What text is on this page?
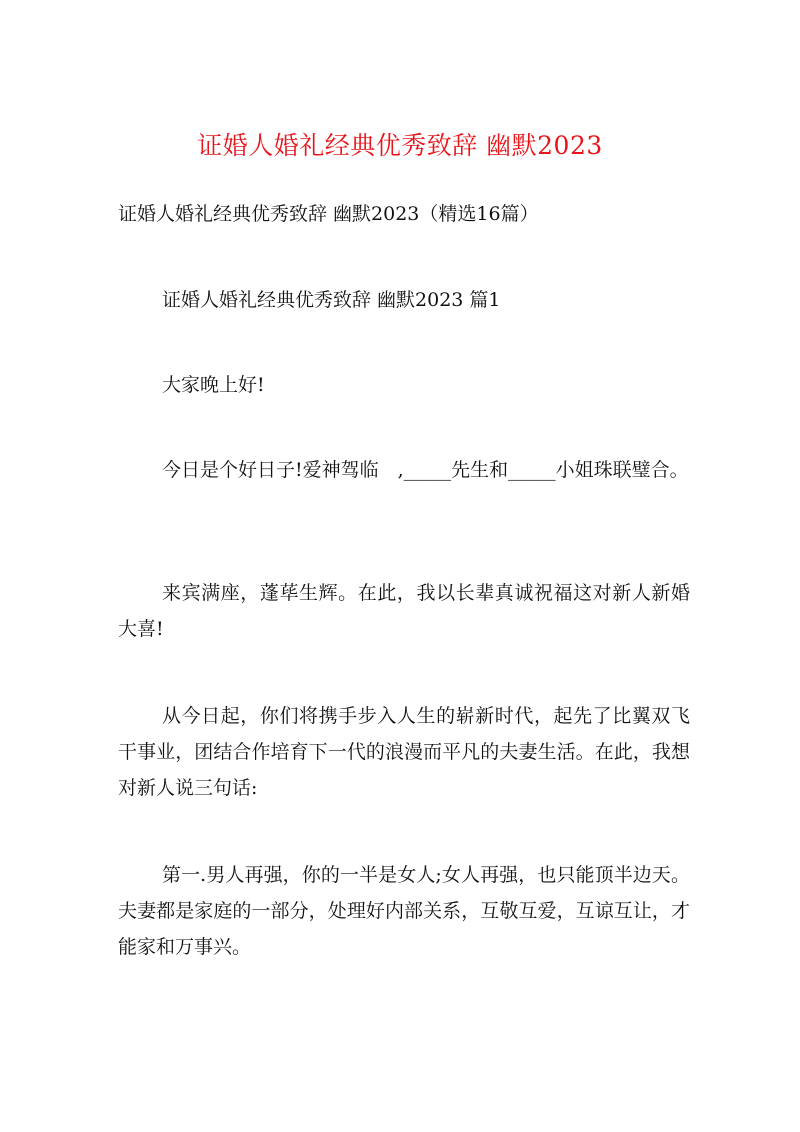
证婚人婚礼经典优秀致辞 幽默2023

证婚人婚礼经典优秀致辞 幽默2023（精选16篇）

证婚人婚礼经典优秀致辞 幽默2023 篇1

大家晚上好!

今日是个好日子!爱神驾临　,_____先生和_____小姐珠联璧合。

来宾满座，蓬荜生辉。在此，我以长辈真诚祝福这对新人新婚大喜!

从今日起，你们将携手步入人生的崭新时代，起先了比翼双飞干事业，团结合作培育下一代的浪漫而平凡的夫妻生活。在此，我想对新人说三句话:

第一.男人再强，你的一半是女人;女人再强，也只能顶半边天。夫妻都是家庭的一部分，处理好内部关系，互敬互爱，互谅互让，才能家和万事兴。
